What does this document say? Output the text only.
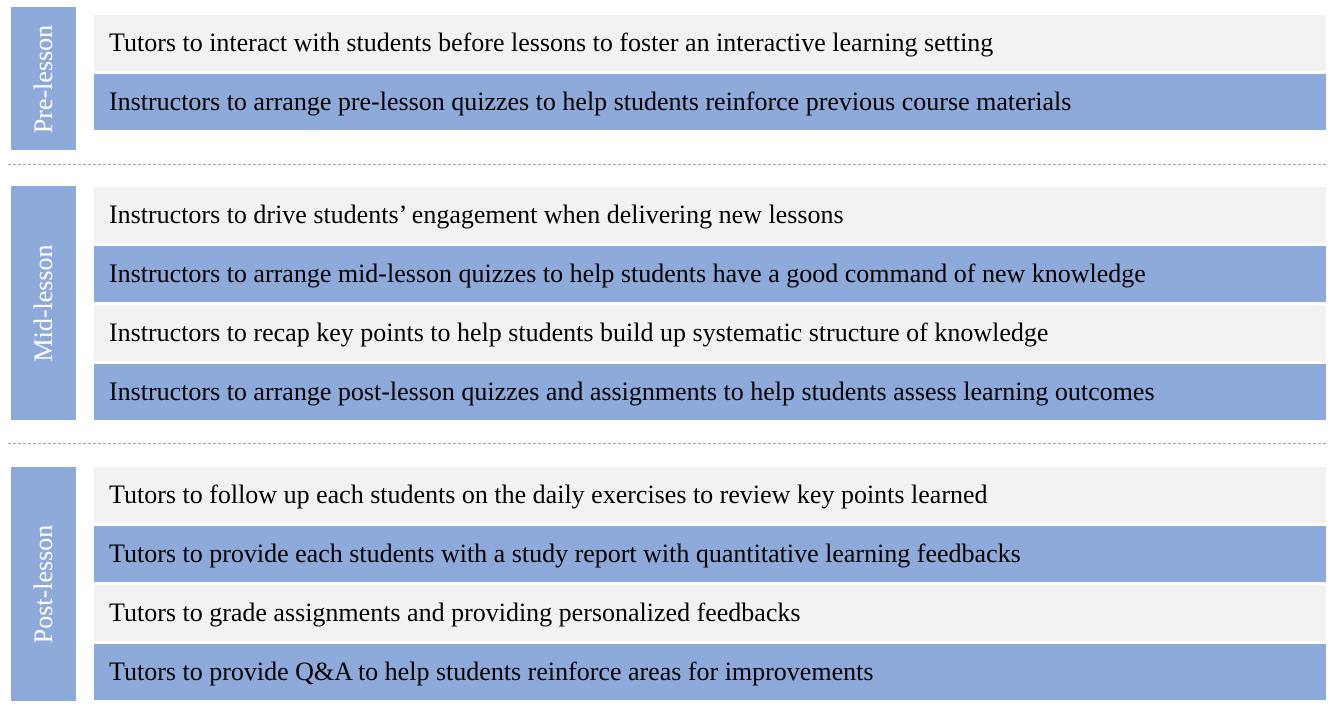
Pre-lesson	Tutors to interact with students before lessons to foster an interactive learning setting
Instructors to arrange pre-lesson quizzes to help students reinforce previous course materials
Mid-lesson
Instructors to drive students’ engagement when delivering new lessons
Instructors to arrange mid-lesson quizzes to help students have a good command of new knowledge
Instructors to recap key points to help students build up systematic structure of knowledge
Instructors to arrange post-lesson quizzes and assignments to help students assess learning outcomes
Post-lesson
Tutors to follow up each students on the daily exercises to review key points learned
Tutors to provide each students with a study report with quantitative learning feedbacks
Tutors to grade assignments and providing personalized feedbacks
Tutors to provide Q&A to help students reinforce areas for improvements
